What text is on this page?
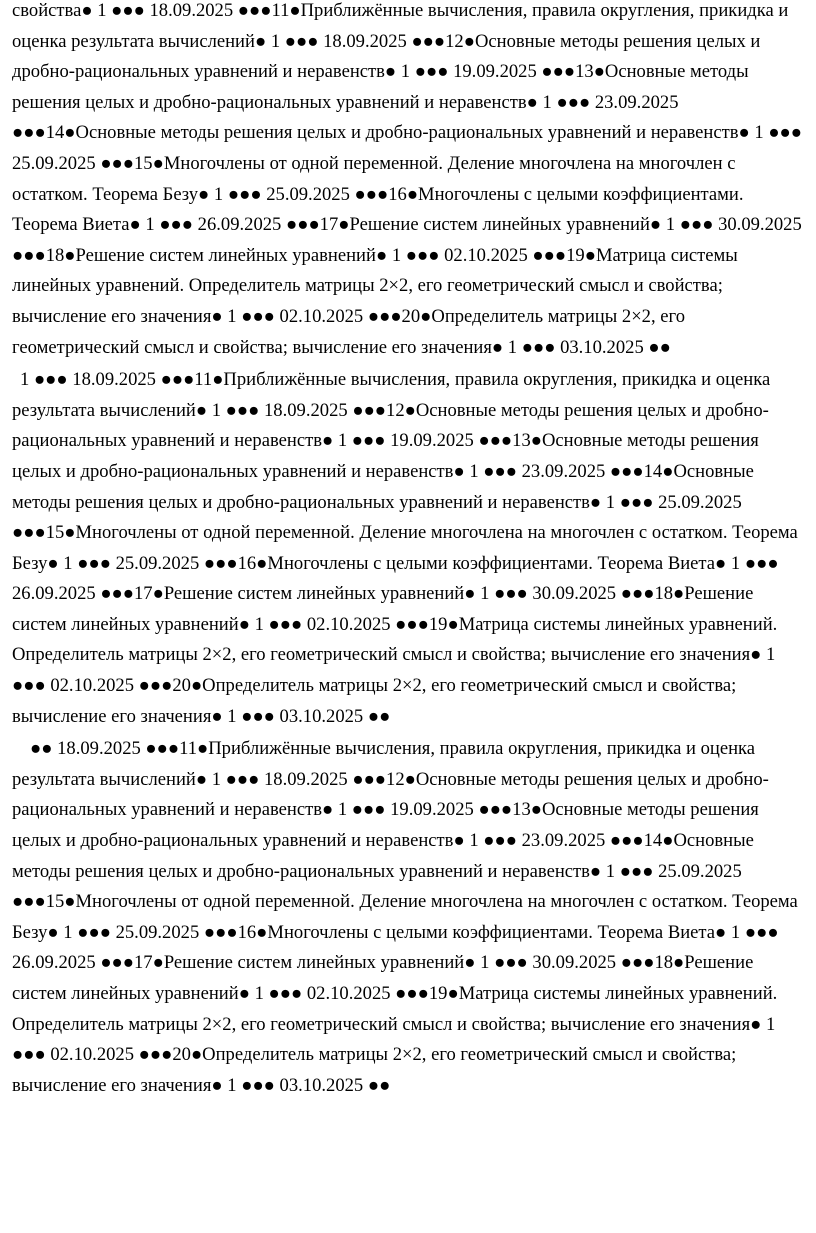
свойства● 1 ●●● 18.09.2025 ●●●11●Приближённые вычисления, правила округления, прикидка и оценка результата вычислений● 1 ●●● 18.09.2025 ●●●12●Основные методы решения целых и дробно-рациональных уравнений и неравенств● 1 ●●● 19.09.2025 ●●●13●Основные методы решения целых и дробно-рациональных уравнений и неравенств● 1 ●●● 23.09.2025 ●●●14●Основные методы решения целых и дробно-рациональных уравнений и неравенств● 1 ●●● 25.09.2025 ●●●15●Многочлены от одной переменной. Деление многочлена на многочлен с остатком. Теорема Безу● 1 ●●● 25.09.2025 ●●●16●Многочлены с целыми коэффициентами. Теорема Виета● 1 ●●● 26.09.2025 ●●●17●Решение систем линейных уравнений● 1 ●●● 30.09.2025 ●●●18●Решение систем линейных уравнений● 1 ●●● 02.10.2025 ●●●19●Матрица системы линейных уравнений. Определитель матрицы 2×2, его геометрический смысл и свойства; вычисление его значения● 1 ●●● 02.10.2025 ●●●20●Определитель матрицы 2×2, его геометрический смысл и свойства; вычисление его значения● 1 ●●● 03.10.2025 ●●

1 ●●● 18.09.2025 ●●●11●Приближённые вычисления, правила округления, прикидка и оценка результата вычислений● 1 ●●● 18.09.2025 ●●●12●Основные методы решения целых и дробно-рациональных уравнений и неравенств● 1 ●●● 19.09.2025 ●●●13●Основные методы решения целых и дробно-рациональных уравнений и неравенств● 1 ●●● 23.09.2025 ●●●14●Основные методы решения целых и дробно-рациональных уравнений и неравенств● 1 ●●● 25.09.2025 ●●●15●Многочлены от одной переменной. Деление многочлена на многочлен с остатком. Теорема Безу● 1 ●●● 25.09.2025 ●●●16●Многочлены с целыми коэффициентами. Теорема Виета● 1 ●●● 26.09.2025 ●●●17●Решение систем линейных уравнений● 1 ●●● 30.09.2025 ●●●18●Решение систем линейных уравнений● 1 ●●● 02.10.2025 ●●●19●Матрица системы линейных уравнений. Определитель матрицы 2×2, его геометрический смысл и свойства; вычисление его значения● 1 ●●● 02.10.2025 ●●●20●Определитель матрицы 2×2, его геометрический смысл и свойства; вычисление его значения● 1 ●●● 03.10.2025 ●●

●● 18.09.2025 ●●●11●Приближённые вычисления, правила округления, прикидка и оценка результата вычислений● 1 ●●● 18.09.2025 ●●●12●Основные методы решения целых и дробно-рациональных уравнений и неравенств● 1 ●●● 19.09.2025 ●●●13●Основные методы решения целых и дробно-рациональных уравнений и неравенств● 1 ●●● 23.09.2025 ●●●14●Основные методы решения целых и дробно-рациональных уравнений и неравенств● 1 ●●● 25.09.2025 ●●●15●Многочлены от одной переменной. Деление многочлена на многочлен с остатком. Теорема Безу● 1 ●●● 25.09.2025 ●●●16●Многочлены с целыми коэффициентами. Теорема Виета● 1 ●●● 26.09.2025 ●●●17●Решение систем линейных уравнений● 1 ●●● 30.09.2025 ●●●18●Решение систем линейных уравнений● 1 ●●● 02.10.2025 ●●●19●Матрица системы линейных уравнений. Определитель матрицы 2×2, его геометрический смысл и свойства; вычисление его значения● 1 ●●● 02.10.2025 ●●●20●Определитель матрицы 2×2, его геометрический смысл и свойства; вычисление его значения● 1 ●●● 03.10.2025 ●●
